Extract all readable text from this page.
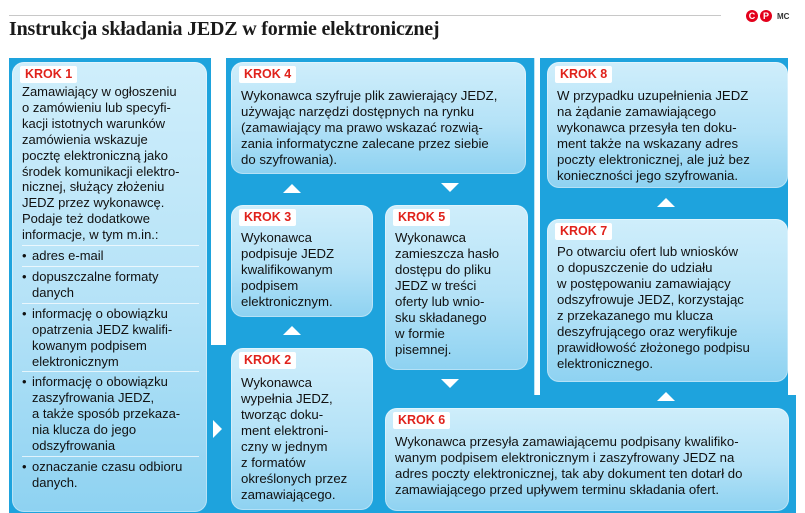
Instrukcja składania JEDZ w formie elektronicznej
C P	MC
KROK 1

Zamawiający w ogłoszeniu
o zamówieniu lub specyfi-
kacji istotnych warunków
zamówienia wskazuje
pocztę elektroniczną jako
środek komunikacji elektro-
nicznej, służący złożeniu
JEDZ przez wykonawcę.
Podaje też dodatkowe
informacje, w tym m.in.:

• adres e-mail
• dopuszczalne formaty
danych
• informację o obowiązku
opatrzenia JEDZ kwalifi-
kowanym podpisem
elektronicznym
• informację o obowiązku
zaszyfrowania JEDZ,
a także sposób przekaza-
nia klucza do jego
odszyfrowania
• oznaczanie czasu odbioru
danych.
KROK 4
Wykonawca szyfruje plik zawierający JEDZ,
używając narzędzi dostępnych na rynku
(zamawiający ma prawo wskazać rozwią-
zania informatyczne zalecane przez siebie
do szyfrowania).
KROK 3
Wykonawca
podpisuje JEDZ
kwalifikowanym
podpisem
elektronicznym.
KROK 2
Wykonawca
wypełnia JEDZ,
tworząc doku-
ment elektroni-
czny w jednym
z formatów
określonych przez
zamawiającego.
KROK 5
Wykonawca
zamieszcza hasło
dostępu do pliku
JEDZ w treści
oferty lub wnio-
sku składanego
w formie
pisemnej.
KROK 6
Wykonawca przesyła zamawiającemu podpisany kwalifiko-
wanym podpisem elektronicznym i zaszyfrowany JEDZ na
adres poczty elektronicznej, tak aby dokument ten dotarł do
zamawiającego przed upływem terminu składania ofert.
KROK 7
Po otwarciu ofert lub wniosków
o dopuszczenie do udziału
w postępowaniu zamawiający
odszyfrowuje JEDZ, korzystając
z przekazanego mu klucza
deszyfrującego oraz weryfikuje
prawidłowość złożonego podpisu
elektronicznego.
KROK 8
W przypadku uzupełnienia JEDZ
na żądanie zamawiającego
wykonawca przesyła ten doku-
ment także na wskazany adres
poczty elektronicznej, ale już bez
konieczności jego szyfrowania.
